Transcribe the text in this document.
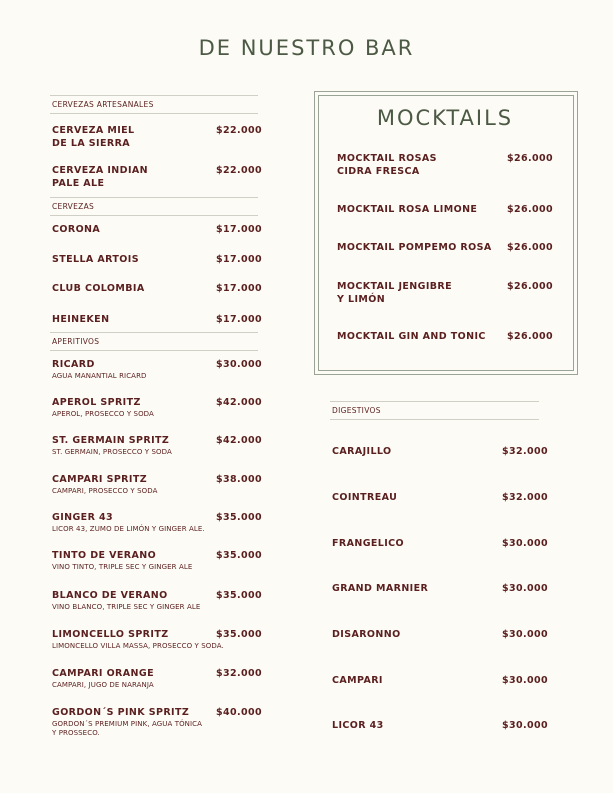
DE NUESTRO BAR
CERVEZAS ARTESANALES
CERVEZA MIEL
DE LA SIERRA
$22.000
CERVEZA INDIAN
PALE ALE
$22.000
CERVEZAS
CORONA	$17.000
STELLA ARTOIS	$17.000
CLUB COLOMBIA	$17.000
HEINEKEN	$17.000
APERITIVOS
RICARD
AGUA MANANTIAL RICARD
$30.000
APEROL SPRITZ
APEROL, PROSECCO Y SODA
$42.000
ST. GERMAIN SPRITZ
ST. GERMAIN, PROSECCO Y SODA
$42.000
CAMPARI SPRITZ
CAMPARI, PROSECCO Y SODA
$38.000
GINGER 43
LICOR 43, ZUMO DE LIMÓN Y GINGER ALE.
$35.000
TINTO DE VERANO
VINO TINTO, TRIPLE SEC Y GINGER ALE
$35.000
BLANCO DE VERANO
VINO BLANCO, TRIPLE SEC Y GINGER ALE
$35.000
LIMONCELLO SPRITZ
LIMONCELLO VILLA MASSA, PROSECCO Y SODA.
$35.000
CAMPARI ORANGE
CAMPARI, JUGO DE NARANJA
$32.000
GORDON´S PINK SPRITZ
GORDON´S PREMIUM PINK, AGUA TÓNICA
Y PROSSECO.
$40.000
MOCKTAILS
MOCKTAIL ROSAS
CIDRA FRESCA
$26.000
MOCKTAIL ROSA LIMONE	$26.000
MOCKTAIL POMPEMO ROSA $26.000
MOCKTAIL JENGIBRE
Y LIMÓN
$26.000
MOCKTAIL GIN AND TONIC $26.000
DIGESTIVOS
CARAJILLO	$32.000
COINTREAU	$32.000
FRANGELICO	$30.000
GRAND MARNIER	$30.000
DISARONNO	$30.000
CAMPARI	$30.000
LICOR 43	$30.000
